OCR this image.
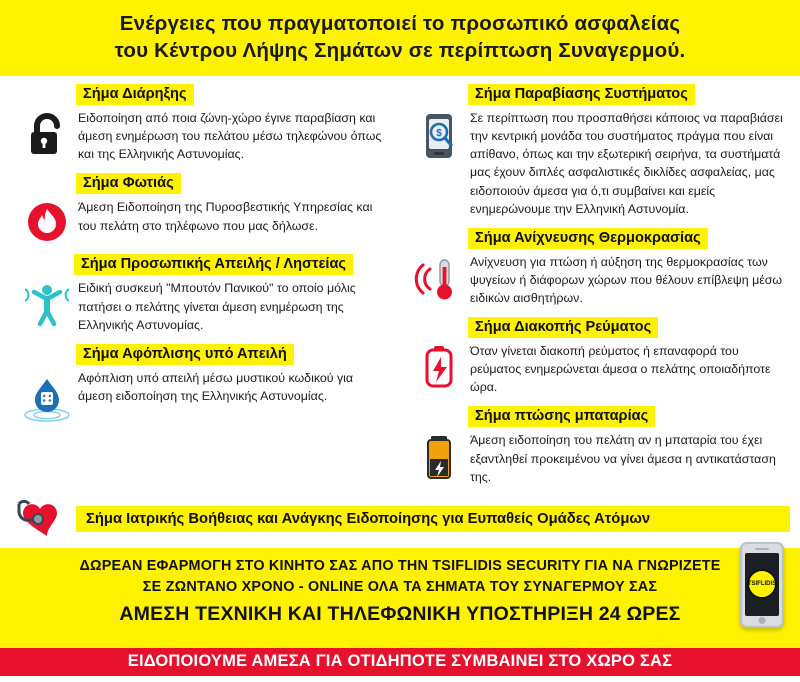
Ενέργειες που πραγματοποιεί το προσωπικό ασφαλείας
του Κέντρου Λήψης Σημάτων σε περίπτωση Συναγερμού.
Σήμα Διάρηξης
Ειδοποίηση από ποια ζώνη-χώρο έγινε παραβίαση και άμεση ενημέρωση του πελάτου μέσω τηλεφώνου όπως και της Ελληνικής Αστυνομίας.
Σήμα Φωτιάς
Άμεση Ειδοποίηση της Πυροσβεστικής Υπηρεσίας και του πελάτη στο τηλέφωνο που μας δήλωσε.
Σήμα Προσωπικής Απειλής / Ληστείας
Ειδική συσκευή "Μπουτόν Πανικού" το οποίο μόλις πατήσει ο πελάτης γίνεται άμεση ενημέρωση της Ελληνικής Αστυνομίας.
Σήμα Αφόπλισης υπό Απειλή
Αφόπλιση υπό απειλή μέσω μυστικού κωδικού για άμεση ειδοποίηση της Ελληνικής Αστυνομίας.
Σήμα Παραβίασης Συστήματος
$
Σε περίπτωση που προσπαθήσει κάποιος να παραβιάσει την κεντρική μονάδα του συστήματος πράγμα που είναι απίθανο, όπως και την εξωτερική σειρήνα, τα συστήματά μας έχουν διπλές ασφαλιστικές δικλίδες ασφαλείας, μας ειδοποιούν άμεσα για ό,τι συμβαίνει και εμείς ενημερώνουμε την Ελληνική Αστυνομία.
Σήμα Ανίχνευσης Θερμοκρασίας
Ανίχνευση για πτώση ή αύξηση της θερμοκρασίας των ψυγείων ή διάφορων χώρων που θέλουν επίβλεψη μέσω ειδικών αισθητήρων.
Σήμα Διακοπής Ρεύματος
Όταν γίνεται διακοπή ρεύματος ή επαναφορά του ρεύματος ενημερώνεται άμεσα ο πελάτης οποιαδήποτε ώρα.
Σήμα πτώσης μπαταρίας
Άμεση ειδοποίηση του πελάτη αν η μπαταρία του έχει εξαντληθεί προκειμένου να γίνει άμεσα η αντικατάσταση της.
Σήμα Ιατρικής Βοήθειας και Ανάγκης Ειδοποίησης για Ευπαθείς Ομάδες Ατόμων
ΔΩΡΕΑΝ ΕΦΑΡΜΟΓΗ ΣΤΟ ΚΙΝΗΤΟ ΣΑΣ ΑΠΟ ΤΗΝ TSIFLIDIS SECURITY ΓΙΑ ΝΑ ΓΝΩΡΙΖΕΤΕ
ΣΕ ΖΩΝΤΑΝΟ ΧΡΟΝΟ - ONLINE ΟΛΑ ΤΑ ΣΗΜΑΤΑ ΤΟΥ ΣΥΝΑΓΕΡΜΟΥ ΣΑΣ
ΑΜΕΣΗ ΤΕΧΝΙΚΗ ΚΑΙ ΤΗΛΕΦΩΝΙΚΗ ΥΠΟΣΤΗΡΙΞΗ 24 ΩΡΕΣ
TSIFLIDIS
ΕΙΔΟΠΟΙΟΥΜΕ ΑΜΕΣΑ ΓΙΑ ΟΤΙΔΗΠΟΤΕ ΣΥΜΒΑΙΝΕΙ ΣΤΟ ΧΩΡΟ ΣΑΣ
